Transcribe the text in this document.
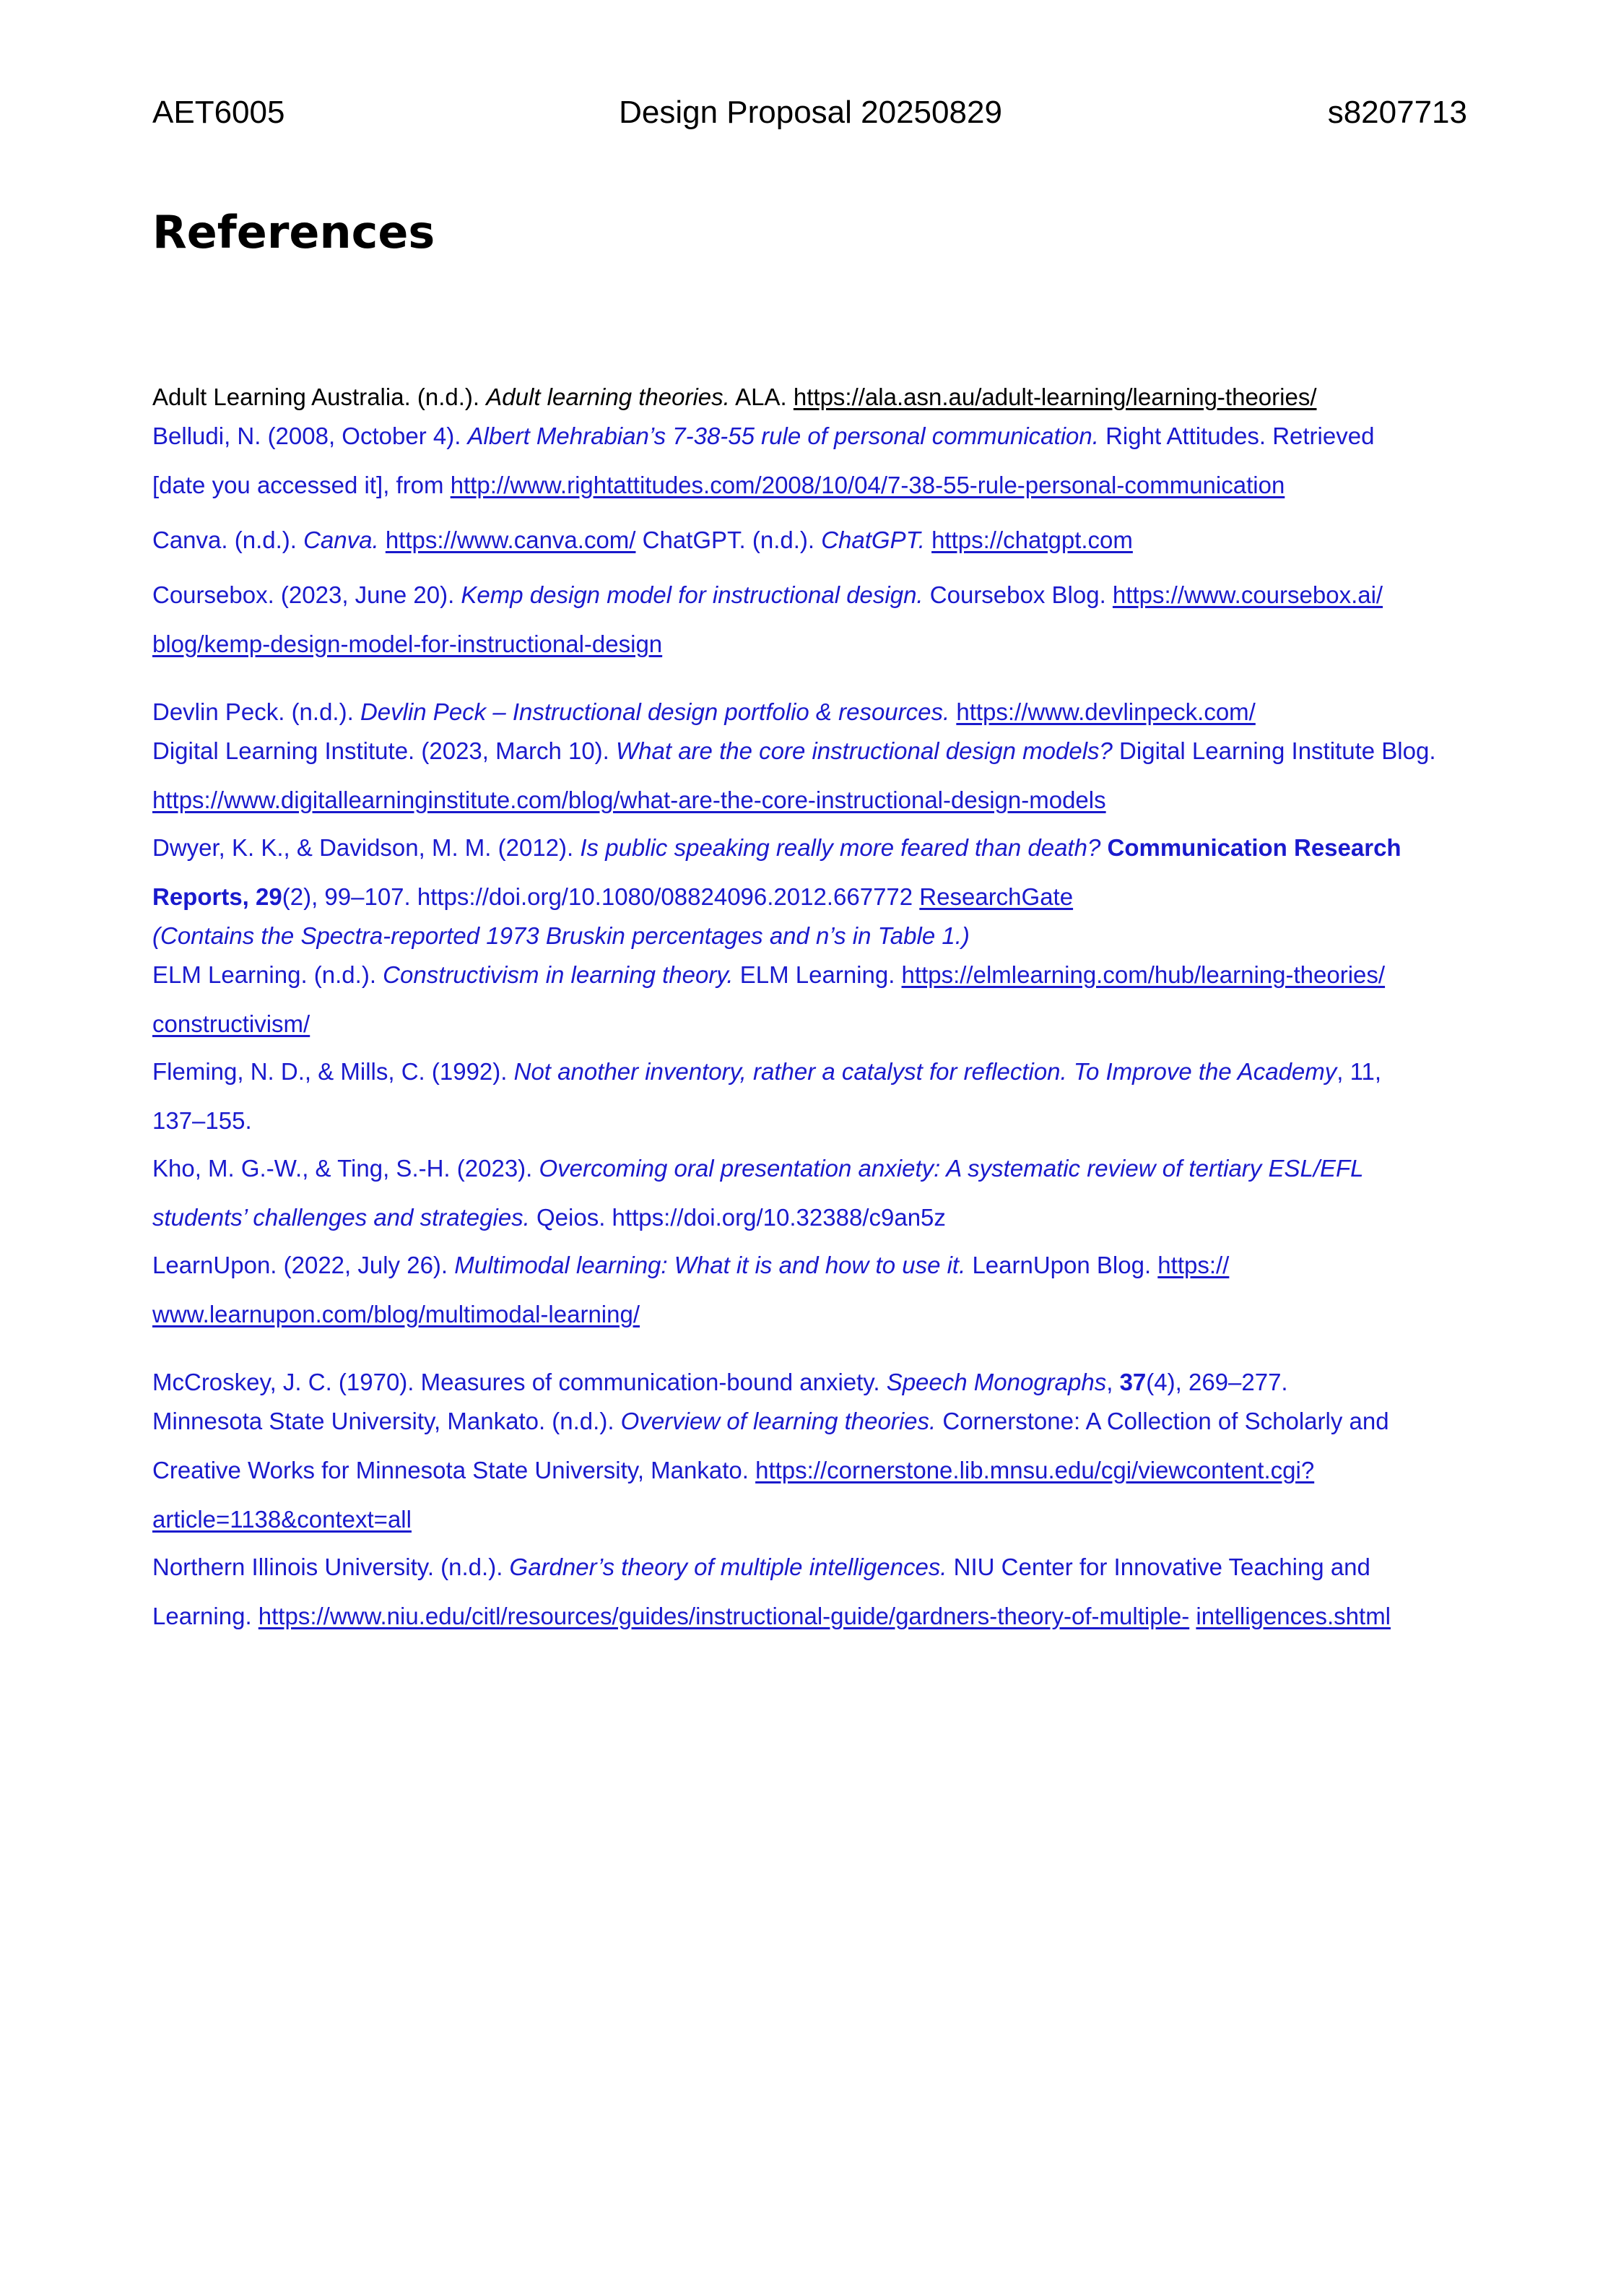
AET6005	Design Proposal 20250829	s8207713
References
Adult Learning Australia. (n.d.). Adult learning theories. ALA. https://ala.asn.au/adult-learning/learning-theories/
Belludi, N. (2008, October 4). Albert Mehrabian’s 7-38-55 rule of personal communication. Right Attitudes. Retrieved
[date you accessed it], from http://www.rightattitudes.com/2008/10/04/7-38-55-rule-personal-communication
Canva. (n.d.). Canva. https://www.canva.com/ ChatGPT. (n.d.). ChatGPT. https://chatgpt.com
Coursebox. (2023, June 20). Kemp design model for instructional design. Coursebox Blog. https://www.coursebox.ai/
blog/kemp-design-model-for-instructional-design
Devlin Peck. (n.d.). Devlin Peck – Instructional design portfolio & resources. https://www.devlinpeck.com/
Digital Learning Institute. (2023, March 10). What are the core instructional design models? Digital Learning Institute Blog.
https://www.digitallearninginstitute.com/blog/what-are-the-core-instructional-design-models
Dwyer, K. K., & Davidson, M. M. (2012). Is public speaking really more feared than death? Communication Research
Reports, 29(2), 99–107. https://doi.org/10.1080/08824096.2012.667772 ResearchGate
(Contains the Spectra-reported 1973 Bruskin percentages and n’s in Table 1.)
ELM Learning. (n.d.). Constructivism in learning theory. ELM Learning. https://elmlearning.com/hub/learning-theories/
constructivism/
Fleming, N. D., & Mills, C. (1992). Not another inventory, rather a catalyst for reflection. To Improve the Academy, 11,
137–155.
Kho, M. G.-W., & Ting, S.-H. (2023). Overcoming oral presentation anxiety: A systematic review of tertiary ESL/EFL
students’ challenges and strategies. Qeios. https://doi.org/10.32388/c9an5z
LearnUpon. (2022, July 26). Multimodal learning: What it is and how to use it. LearnUpon Blog. https://
www.learnupon.com/blog/multimodal-learning/
McCroskey, J. C. (1970). Measures of communication-bound anxiety. Speech Monographs, 37(4), 269–277.
Minnesota State University, Mankato. (n.d.). Overview of learning theories. Cornerstone: A Collection of Scholarly and
Creative Works for Minnesota State University, Mankato. https://cornerstone.lib.mnsu.edu/cgi/viewcontent.cgi?
article=1138&context=all
Northern Illinois University. (n.d.). Gardner’s theory of multiple intelligences. NIU Center for Innovative Teaching and
Learning. https://www.niu.edu/citl/resources/guides/instructional-guide/gardners-theory-of-multiple- intelligences.shtml
